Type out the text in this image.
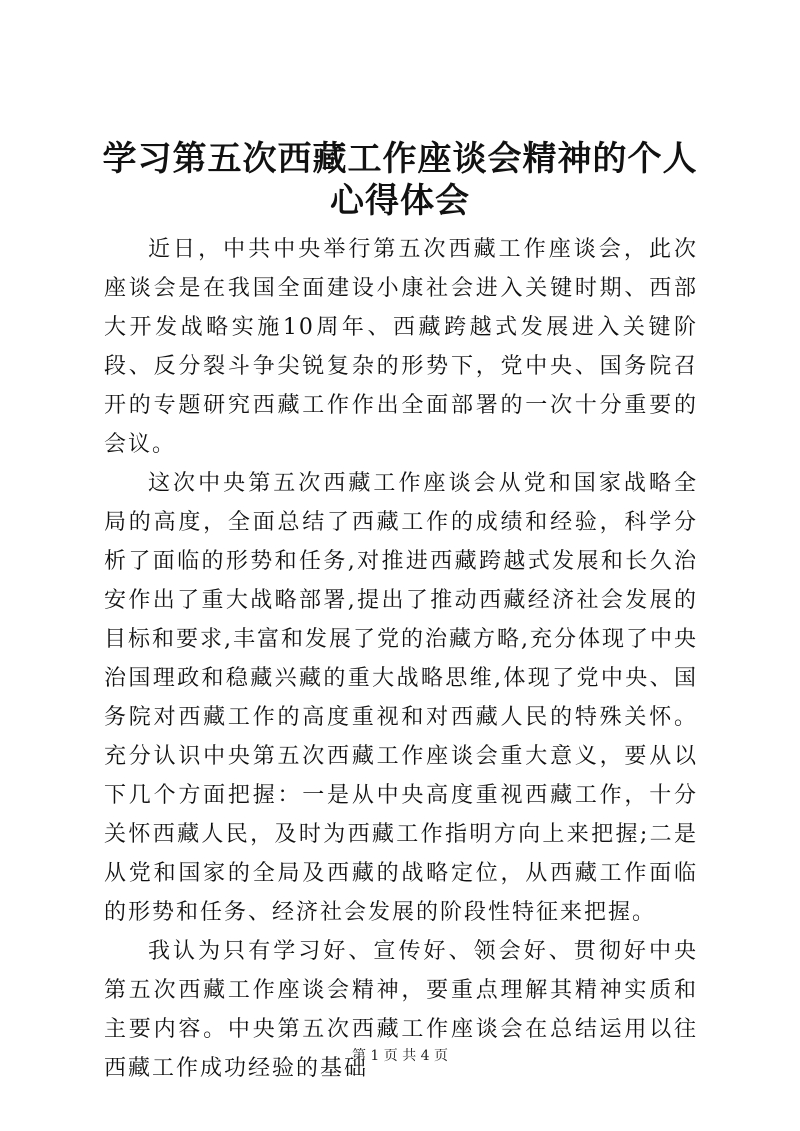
学习第五次西藏工作座谈会精神的个人心得体会

近日，中共中央举行第五次西藏工作座谈会，此次座谈会是在我国全面建设小康社会进入关键时期、西部大开发战略实施10周年、西藏跨越式发展进入关键阶段、反分裂斗争尖锐复杂的形势下，党中央、国务院召开的专题研究西藏工作作出全面部署的一次十分重要的会议。

这次中央第五次西藏工作座谈会从党和国家战略全局的高度，全面总结了西藏工作的成绩和经验，科学分析了面临的形势和任务,对推进西藏跨越式发展和长久治安作出了重大战略部署,提出了推动西藏经济社会发展的目标和要求,丰富和发展了党的治藏方略,充分体现了中央治国理政和稳藏兴藏的重大战略思维,体现了党中央、国务院对西藏工作的高度重视和对西藏人民的特殊关怀。充分认识中央第五次西藏工作座谈会重大意义，要从以下几个方面把握：一是从中央高度重视西藏工作，十分关怀西藏人民，及时为西藏工作指明方向上来把握;二是从党和国家的全局及西藏的战略定位，从西藏工作面临的形势和任务、经济社会发展的阶段性特征来把握。

我认为只有学习好、宣传好、领会好、贯彻好中央第五次西藏工作座谈会精神，要重点理解其精神实质和主要内容。中央第五次西藏工作座谈会在总结运用以往西藏工作成功经验的基础

第 1 页 共 4 页
